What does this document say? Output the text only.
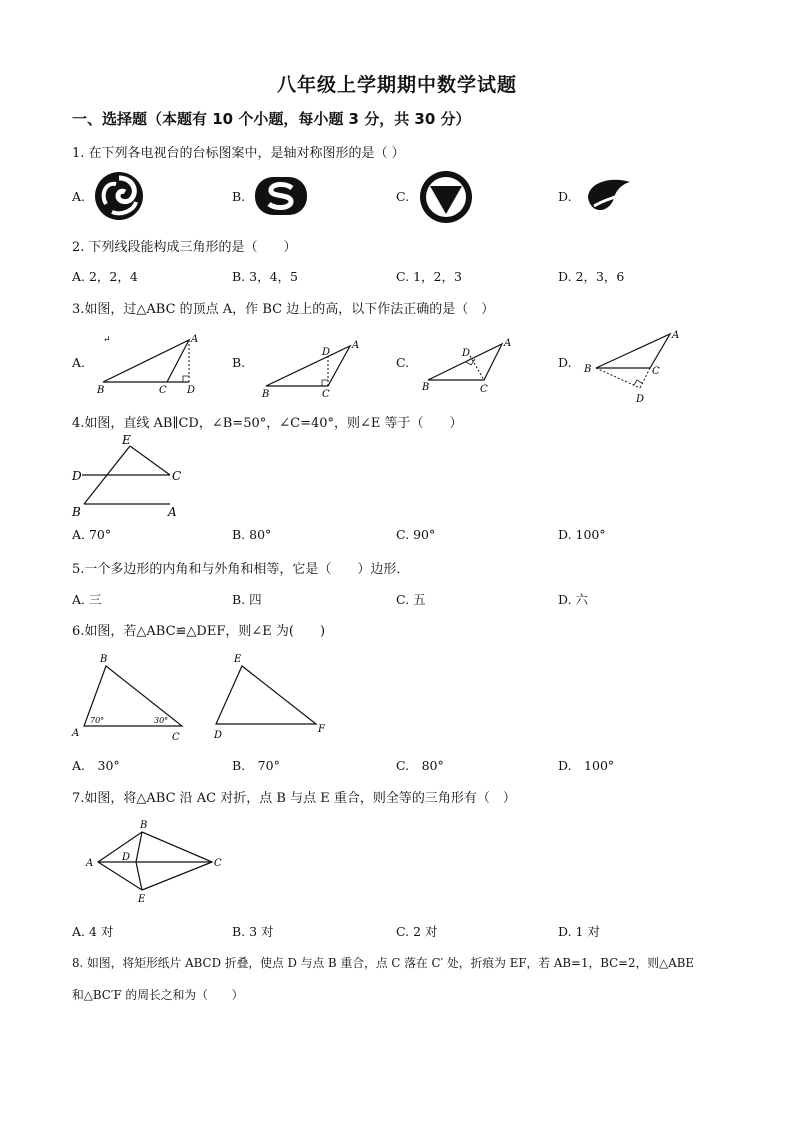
八年级上学期期中数学试题
一、选择题（本题有 10 个小题，每小题 3 分，共 30 分）
1. 在下列各电视台的台标图案中，是轴对称图形的是（ ）
A.	B.	C.	D.
2. 下列线段能构成三角形的是（　　）
A. 2，2，4	B. 3，4，5	C. 1，2，3	D. 2，3，6
3.如图，过△ABC 的顶点 A，作 BC 边上的高，以下作法正确的是（　）
A.
↵	A
B	C D
B.
A
D
B	C
C.
A
D
B	C
D.
A
B	C
D
4.如图，直线 AB∥CD，∠B=50°，∠C=40°，则∠E 等于（　　）
E
D	C
B	A
A. 70°	B. 80°	C. 90°	D. 100°
5.一个多边形的内角和与外角和相等，它是（　　）边形．
A. 三	B. 四	C. 五	D. 六
6.如图，若△ABC≌△DEF，则∠E 为(　　)
B
A	C
70°	30°
E
D
F
A.　30°	B.　70°	C.　80°	D.　100°
7.如图，将△ABC 沿 AC 对折，点 B 与点 E 重合，则全等的三角形有（　）
A
B
C
D
E
A. 4 对	B. 3 对	C. 2 对	D. 1 对
8. 如图，将矩形纸片 ABCD 折叠，使点 D 与点 B 重合，点 C 落在 C′ 处，折痕为 EF，若 AB=1，BC=2，则△ABE
和△BC′F 的周长之和为（　　）
